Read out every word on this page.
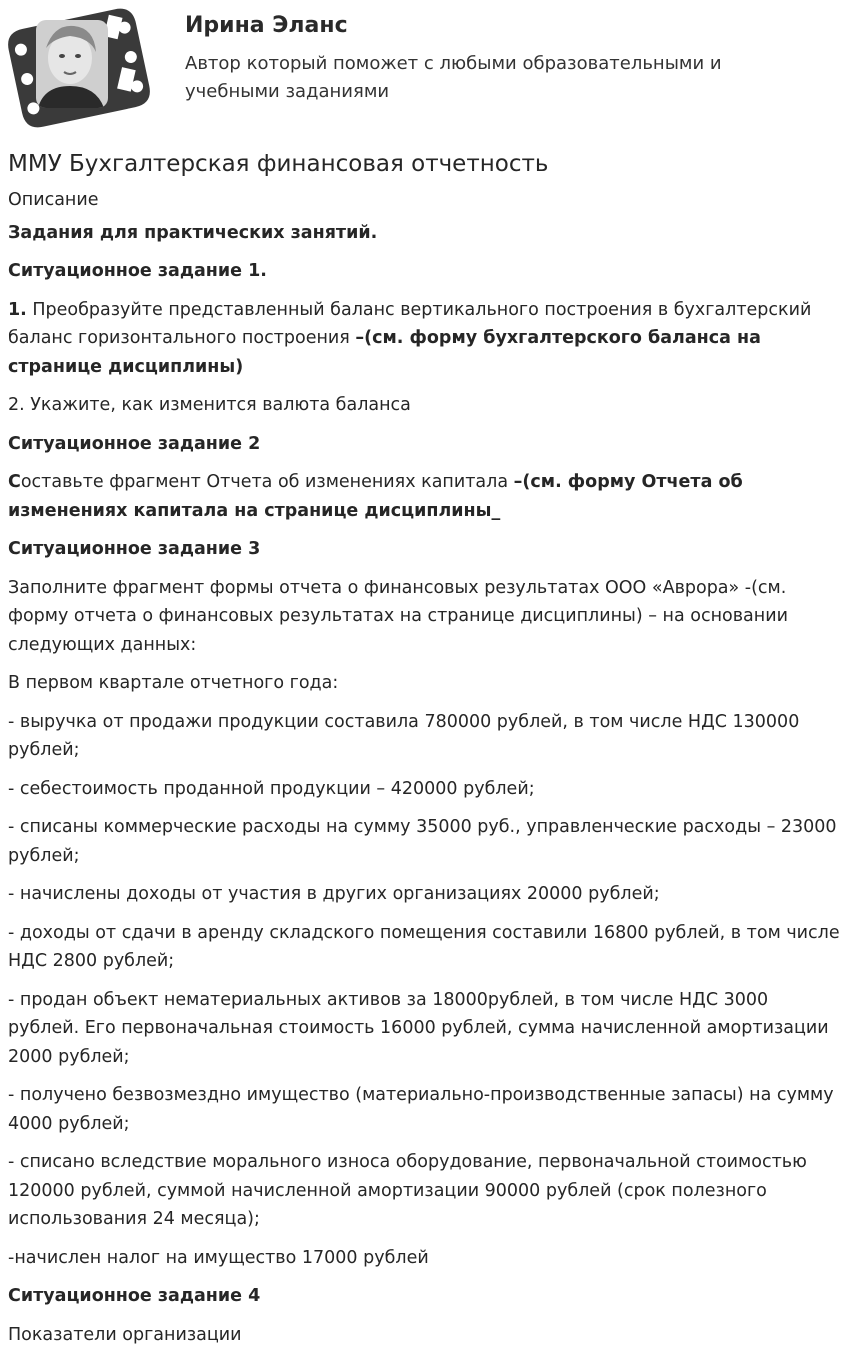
Ирина Эланс
Автор который поможет с любыми образовательными и учебными заданиями
ММУ Бухгалтерская финансовая отчетность
Описание
Задания для практических занятий.
Ситуационное задание 1.
1. Преобразуйте представленный баланс вертикального построения в бухгалтерский баланс горизонтального построения –(см. форму бухгалтерского баланса на странице дисциплины)
2. Укажите, как изменится валюта баланса
Ситуационное задание 2
Составьте фрагмент Отчета об изменениях капитала –(см. форму Отчета об изменениях капитала на странице дисциплины_
Ситуационное задание 3
Заполните фрагмент формы отчета о финансовых результатах ООО «Аврора» -(см. форму отчета о финансовых результатах на странице дисциплины) – на основании следующих данных:
В первом квартале отчетного года:
- выручка от продажи продукции составила 780000 рублей, в том числе НДС 130000 рублей;
- себестоимость проданной продукции – 420000 рублей;
- списаны коммерческие расходы на сумму 35000 руб., управленческие расходы – 23000 рублей;
- начислены доходы от участия в других организациях 20000 рублей;
- доходы от сдачи в аренду складского помещения составили 16800 рублей, в том числе НДС 2800 рублей;
- продан объект нематериальных активов за 18000рублей, в том числе НДС 3000 рублей. Его первоначальная стоимость 16000 рублей, сумма начисленной амортизации 2000 рублей;
- получено безвозмездно имущество (материально-производственные запасы) на сумму 4000 рублей;
- списано вследствие морального износа оборудование, первоначальной стоимостью 120000 рублей, суммой начисленной амортизации 90000 рублей (срок полезного использования 24 месяца);
-начислен налог на имущество 17000 рублей
Ситуационное задание 4
Показатели организации
